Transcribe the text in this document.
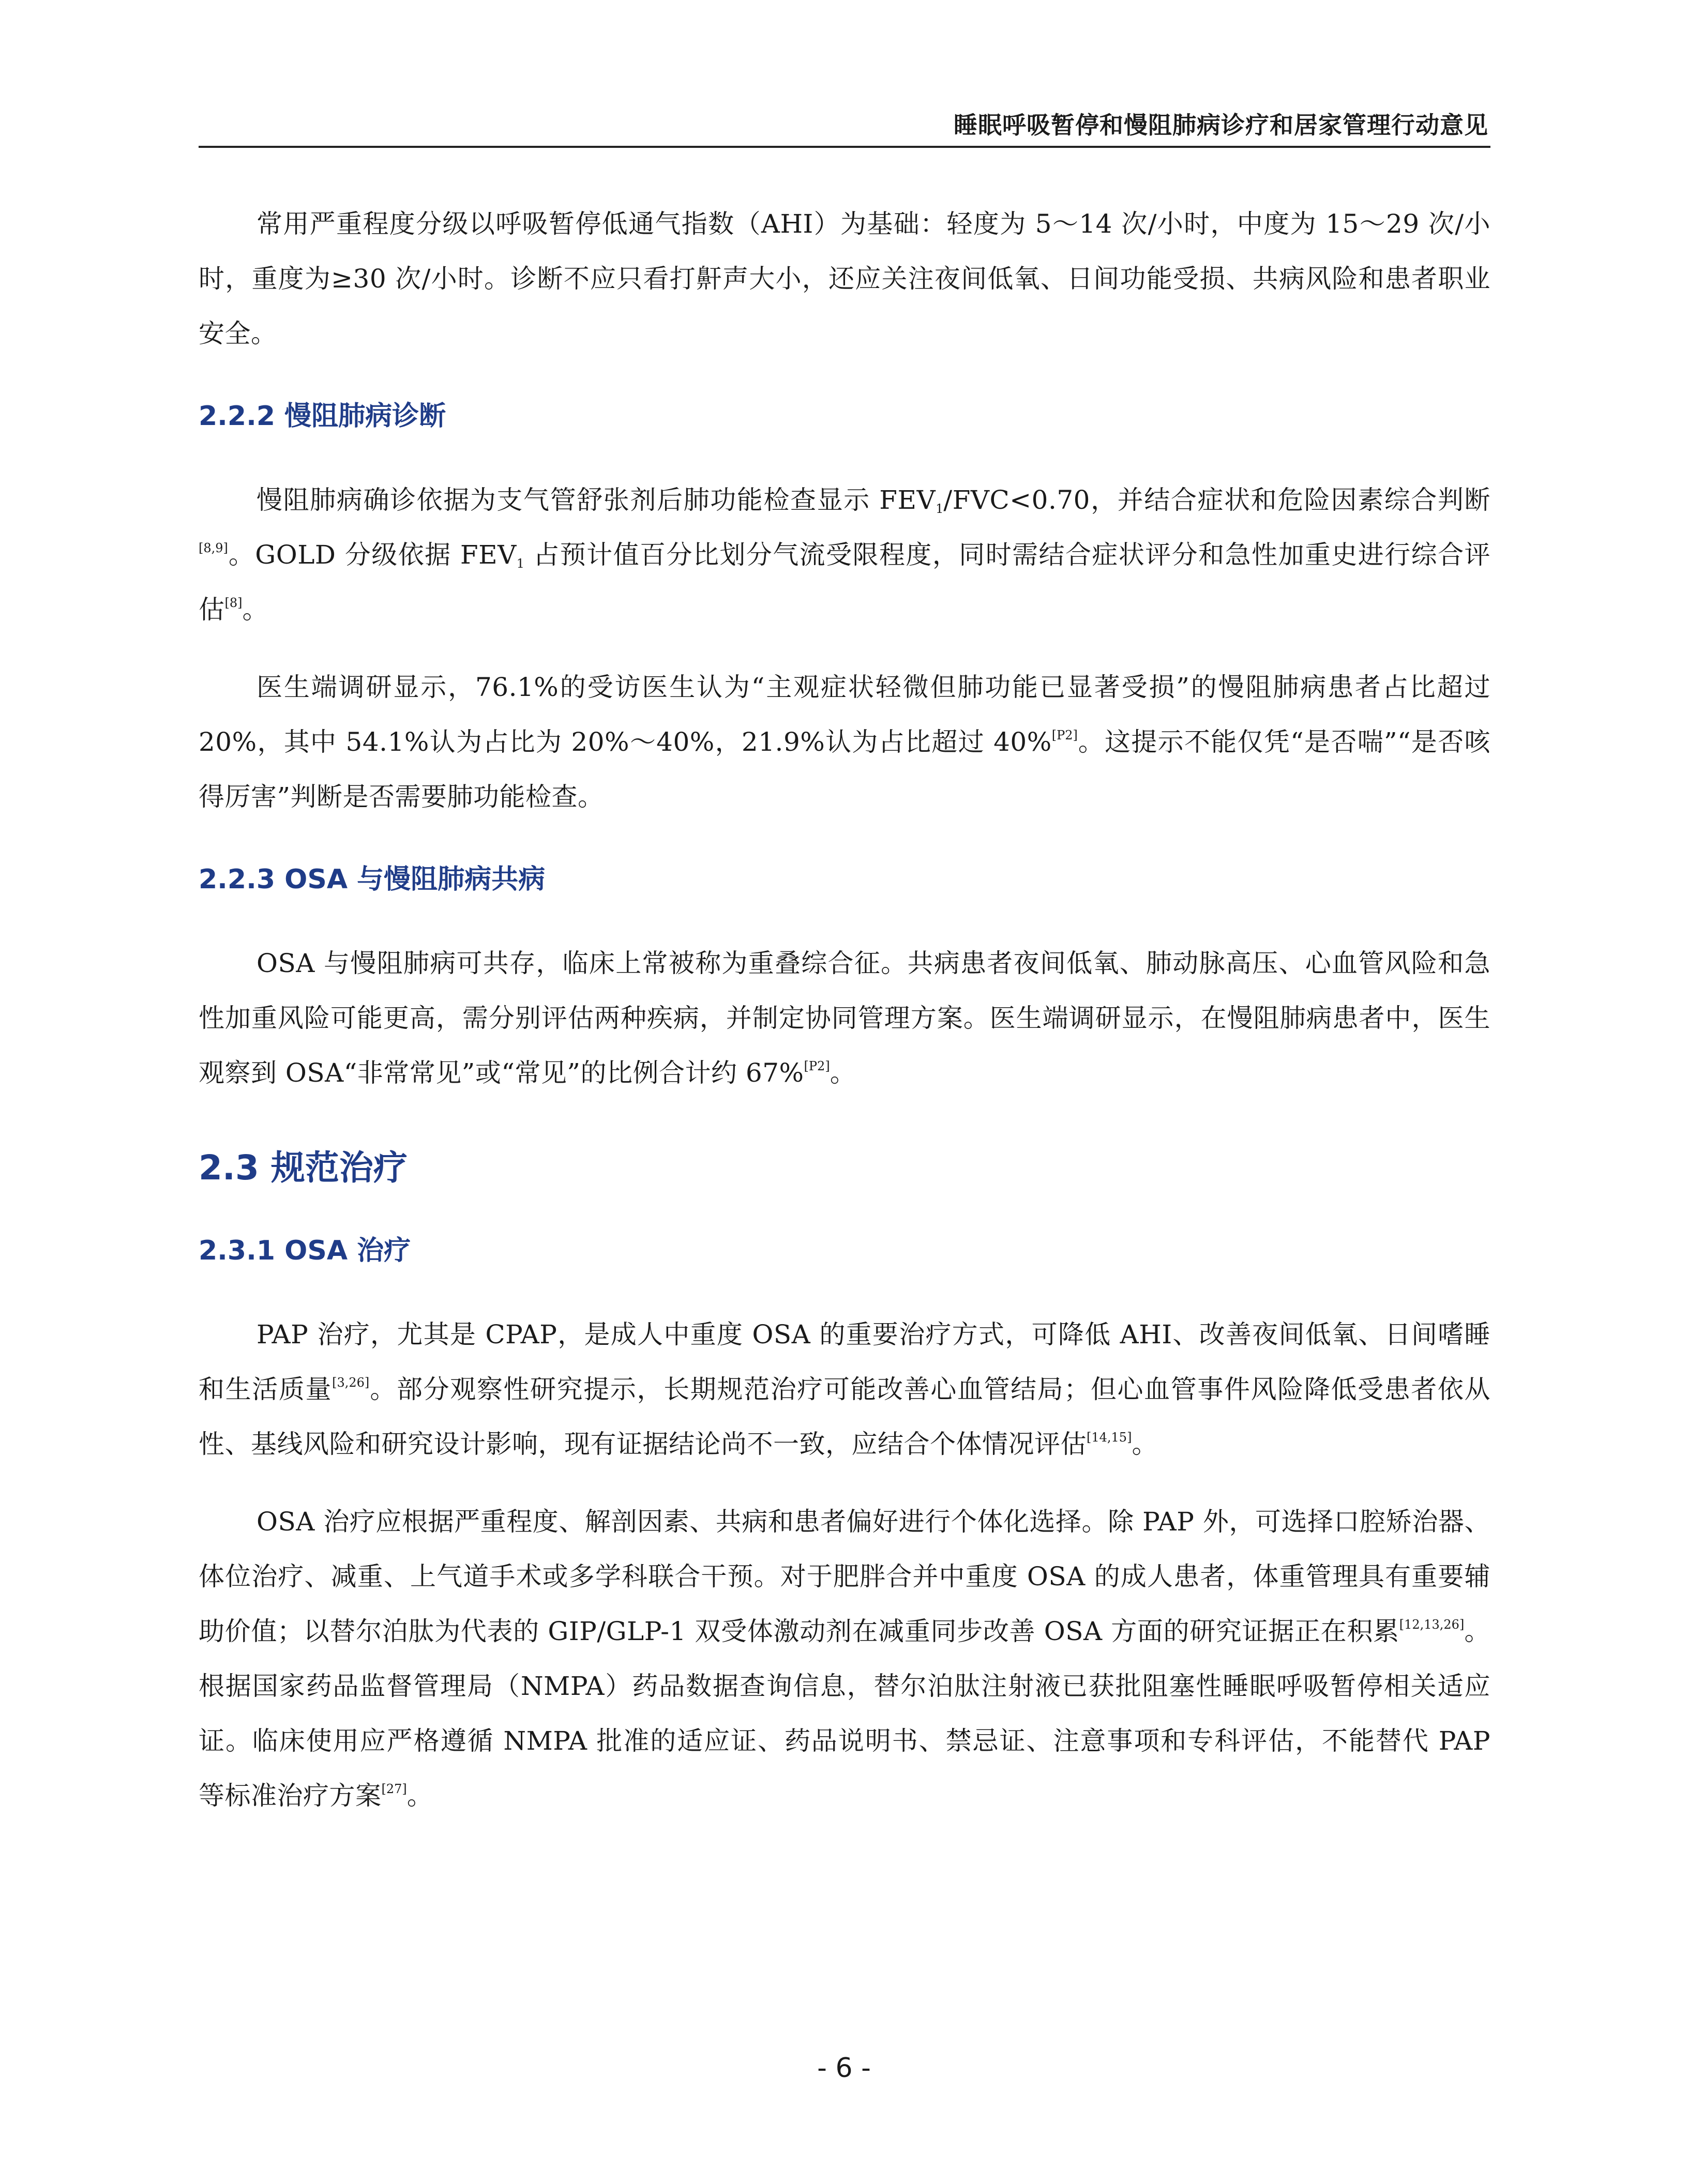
睡眠呼吸暂停和慢阻肺病诊疗和居家管理行动意见

常用严重程度分级以呼吸暂停低通气指数（AHI）为基础：轻度为 5～14 次/小时，中度为 15～29 次/小时，重度为≥30 次/小时。诊断不应只看打鼾声大小，还应关注夜间低氧、日间功能受损、共病风险和患者职业安全。

2.2.2 慢阻肺病诊断

慢阻肺病确诊依据为支气管舒张剂后肺功能检查显示 $FEV_1/FVC<0.70$，并结合症状和危险因素综合判断[8,9]。GOLD 分级依据 $FEV_1$ 占预计值百分比划分气流受限程度，同时需结合症状评分和急性加重史进行综合评估[8]。

医生端调研显示，76.1%的受访医生认为“主观症状轻微但肺功能已显著受损”的慢阻肺病患者占比超过 20%，其中 54.1%认为占比为 20%～40%，21.9%认为占比超过 40%[P2]。这提示不能仅凭“是否喘”“是否咳得厉害”判断是否需要肺功能检查。

2.2.3 OSA 与慢阻肺病共病

OSA 与慢阻肺病可共存，临床上常被称为重叠综合征。共病患者夜间低氧、肺动脉高压、心血管风险和急性加重风险可能更高，需分别评估两种疾病，并制定协同管理方案。医生端调研显示，在慢阻肺病患者中，医生观察到 OSA“非常常见”或“常见”的比例合计约 67%[P2]。

2.3 规范治疗
2.3.1 OSA 治疗

PAP 治疗，尤其是 CPAP，是成人中重度 OSA 的重要治疗方式，可降低 AHI、改善夜间低氧、日间嗜睡和生活质量[3,26]。部分观察性研究提示，长期规范治疗可能改善心血管结局；但心血管事件风险降低受患者依从性、基线风险和研究设计影响，现有证据结论尚不一致，应结合个体情况评估[14,15]。

OSA 治疗应根据严重程度、解剖因素、共病和患者偏好进行个体化选择。除 PAP 外，可选择口腔矫治器、体位治疗、减重、上气道手术或多学科联合干预。对于肥胖合并中重度 OSA 的成人患者，体重管理具有重要辅助价值；以替尔泊肽为代表的 GIP/GLP-1 双受体激动剂在减重同步改善 OSA 方面的研究证据正在积累[12,13,26]。根据国家药品监督管理局（NMPA）药品数据查询信息，替尔泊肽注射液已获批阻塞性睡眠呼吸暂停相关适应证。临床使用应严格遵循 NMPA 批准的适应证、药品说明书、禁忌证、注意事项和专科评估，不能替代 PAP 等标准治疗方案[27]。

- 6 -
